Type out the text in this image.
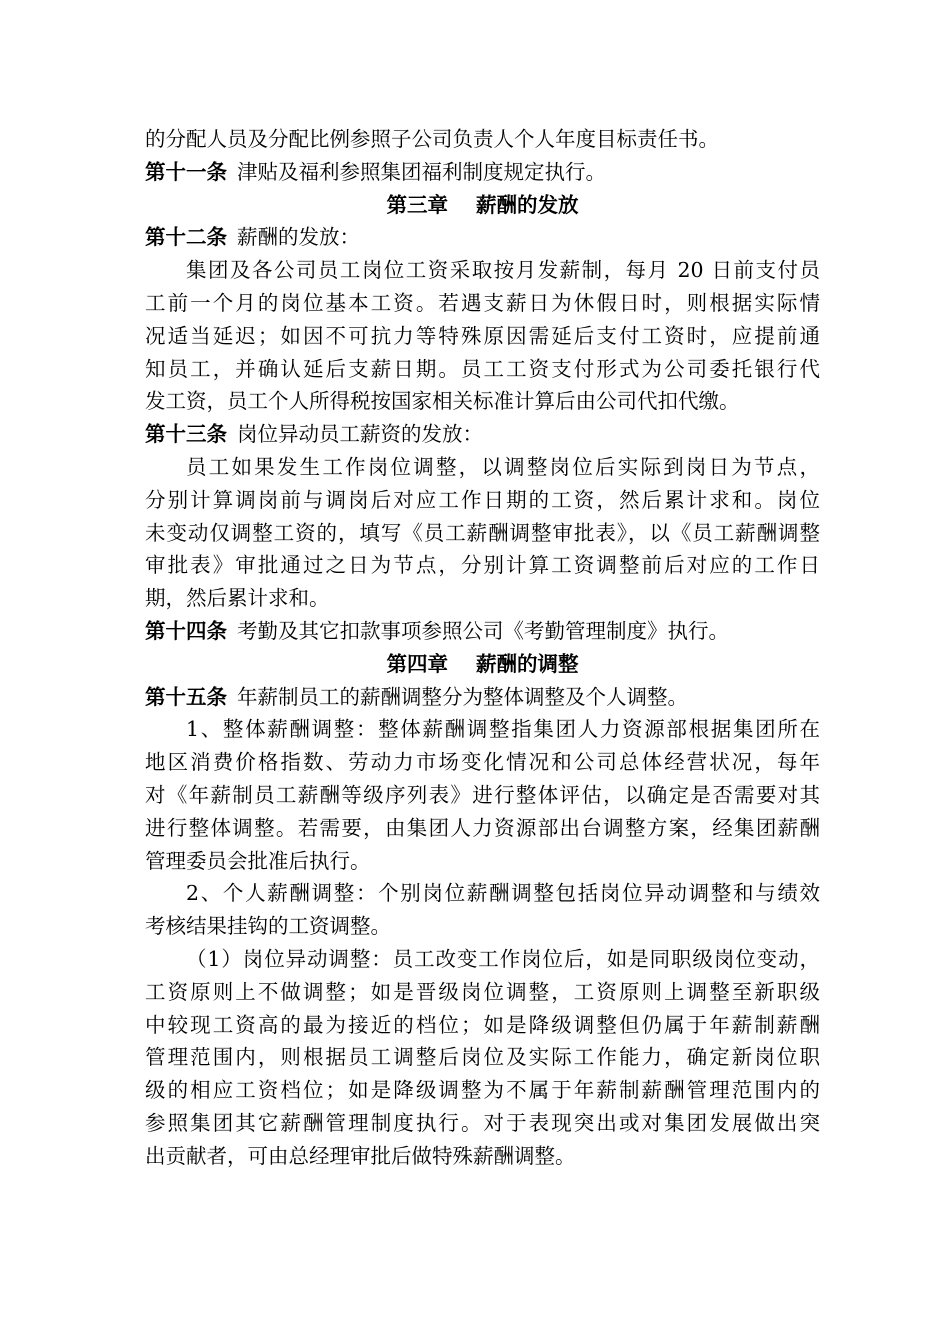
的分配人员及分配比例参照子公司负责人个人年度目标责任书。
第十一条 津贴及福利参照集团福利制度规定执行。
第三章 薪酬的发放
第十二条 薪酬的发放：
集团及各公司员工岗位工资采取按月发薪制，每月 20 日前支付员
工前一个月的岗位基本工资。若遇支薪日为休假日时，则根据实际情
况适当延迟；如因不可抗力等特殊原因需延后支付工资时，应提前通
知员工，并确认延后支薪日期。员工工资支付形式为公司委托银行代
发工资，员工个人所得税按国家相关标准计算后由公司代扣代缴。
第十三条 岗位异动员工薪资的发放：
员工如果发生工作岗位调整，以调整岗位后实际到岗日为节点，
分别计算调岗前与调岗后对应工作日期的工资，然后累计求和。岗位
未变动仅调整工资的，填写《员工薪酬调整审批表》，以《员工薪酬调整
审批表》审批通过之日为节点，分别计算工资调整前后对应的工作日
期，然后累计求和。
第十四条 考勤及其它扣款事项参照公司《考勤管理制度》执行。
第四章 薪酬的调整
第十五条 年薪制员工的薪酬调整分为整体调整及个人调整。
1、整体薪酬调整：整体薪酬调整指集团人力资源部根据集团所在
地区消费价格指数、劳动力市场变化情况和公司总体经营状况，每年
对《年薪制员工薪酬等级序列表》进行整体评估，以确定是否需要对其
进行整体调整。若需要，由集团人力资源部出台调整方案，经集团薪酬
管理委员会批准后执行。
2、个人薪酬调整：个别岗位薪酬调整包括岗位异动调整和与绩效
考核结果挂钩的工资调整。
（1）岗位异动调整：员工改变工作岗位后，如是同职级岗位变动，
工资原则上不做调整；如是晋级岗位调整，工资原则上调整至新职级
中较现工资高的最为接近的档位；如是降级调整但仍属于年薪制薪酬
管理范围内，则根据员工调整后岗位及实际工作能力，确定新岗位职
级的相应工资档位；如是降级调整为不属于年薪制薪酬管理范围内的
参照集团其它薪酬管理制度执行。对于表现突出或对集团发展做出突
出贡献者，可由总经理审批后做特殊薪酬调整。
